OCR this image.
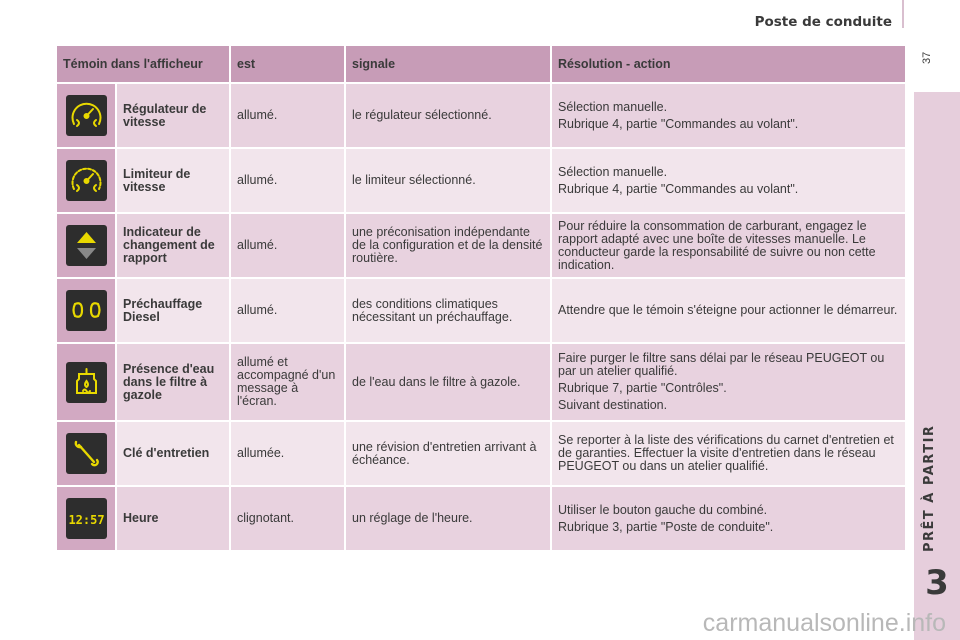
Poste de conduite
37
PRÊT À PARTIR
3
Témoin dans l'afficheur		est	signale	Résolution - action

	Régulateur de vitesse	allumé.	le régulateur sélectionné.	Sélection manuelle.

Rubrique 4, partie "Commandes au volant".

	Limiteur de vitesse	allumé.	le limiteur sélectionné.	Sélection manuelle.

Rubrique 4, partie "Commandes au volant".

	Indicateur de changement de rapport	allumé.	une préconisation indépendante de la configuration et de la densité routière.	Pour réduire la consommation de carburant, engagez le rapport adapté avec une boîte de vitesses manuelle. Le conducteur garde la responsabilité de suivre ou non cette indication.

	Préchauffage Diesel	allumé.	des conditions climatiques nécessitant un préchauffage.	Attendre que le témoin s'éteigne pour actionner le démarreur.

	Présence d'eau dans le filtre à gazole	allumé et accompagné d'un message à l'écran.	de l'eau dans le filtre à gazole.	Faire purger le filtre sans délai par le réseau PEUGEOT ou par un atelier qualifié.

Rubrique 7, partie "Contrôles".

Suivant destination.

	Clé d'entretien	allumée.	une révision d'entretien arrivant à échéance.	Se reporter à la liste des vérifications du carnet d'entretien et de garanties. Effectuer la visite d'entretien dans le réseau PEUGEOT ou dans un atelier qualifié.

12:57	Heure	clignotant.	un réglage de l'heure.	Utiliser le bouton gauche du combiné.

Rubrique 3, partie "Poste de conduite".

carmanualsonline.info
